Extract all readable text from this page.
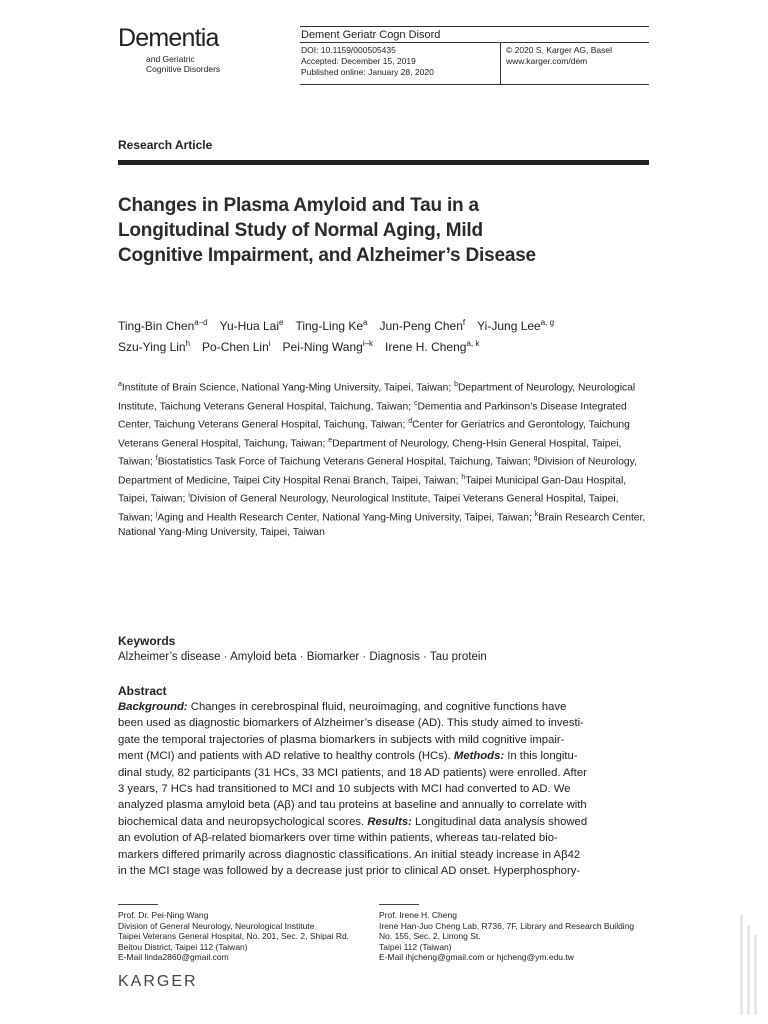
Dementia
and Geriatric
Cognitive Disorders
Dement Geriatr Cogn Disord
DOI: 10.1159/000505435
Accepted: December 15, 2019
Published online: January 28, 2020
© 2020 S. Karger AG, Basel
www.karger.com/dem
Research Article
Changes in Plasma Amyloid and Tau in a Longitudinal Study of Normal Aging, Mild Cognitive Impairment, and Alzheimer’s Disease
Ting-Bin Chen$^{a-d}$ Yu-Hua Lai$^e$ Ting-Ling Ke$^a$ Jun-Peng Chen$^f$ Yi-Jung Lee$^{a, g}$Szu-Ying Lin$^h$ Po-Chen Lin$^i$ Pei-Ning Wang$^{i-k}$ Irene H. Cheng$^{a, k}$
$^a$Institute of Brain Science, National Yang-Ming University, Taipei, Taiwan; $^b$Department of Neurology, Neurological Institute, Taichung Veterans General Hospital, Taichung, Taiwan; $^c$Dementia and Parkinson’s Disease Integrated Center, Taichung Veterans General Hospital, Taichung, Taiwan; $^d$Center for Geriatrics and Gerontology, Taichung Veterans General Hospital, Taichung, Taiwan; $^e$Department of Neurology, Cheng-Hsin General Hospital, Taipei, Taiwan; $^f$Biostatistics Task Force of Taichung Veterans General Hospital, Taichung, Taiwan; $^g$Division of Neurology, Department of Medicine, Taipei City Hospital Renai Branch, Taipei, Taiwan; $^h$Taipei Municipal Gan-Dau Hospital, Taipei, Taiwan; $^i$Division of General Neurology, Neurological Institute, Taipei Veterans General Hospital, Taipei, Taiwan; $^j$Aging and Health Research Center, National Yang-Ming University, Taipei, Taiwan; $^k$Brain Research Center, National Yang-Ming University, Taipei, Taiwan
Keywords
Alzheimer’s disease · Amyloid beta · Biomarker · Diagnosis · Tau protein
Abstract
Background: Changes in cerebrospinal fluid, neuroimaging, and cognitive functions have
been used as diagnostic biomarkers of Alzheimer’s disease (AD). This study aimed to investi-
gate the temporal trajectories of plasma biomarkers in subjects with mild cognitive impair-
ment (MCI) and patients with AD relative to healthy controls (HCs). Methods: In this longitu-
dinal study, 82 participants (31 HCs, 33 MCI patients, and 18 AD patients) were enrolled. After
3 years, 7 HCs had transitioned to MCI and 10 subjects with MCI had converted to AD. We
analyzed plasma amyloid beta (Aβ) and tau proteins at baseline and annually to correlate with
biochemical data and neuropsychological scores. Results: Longitudinal data analysis showed
an evolution of Aβ-related biomarkers over time within patients, whereas tau-related bio-
markers differed primarily across diagnostic classifications. An initial steady increase in Aβ42
in the MCI stage was followed by a decrease just prior to clinical AD onset. Hyperphosphory-
Prof. Dr. Pei-Ning Wang
Division of General Neurology, Neurological Institute
Taipei Veterans General Hospital, No. 201, Sec. 2, Shipai Rd.
Beitou District, Taipei 112 (Taiwan)
E-Mail linda2860@gmail.com
Prof. Irene H. Cheng
Irene Han-Juo Cheng Lab, R736, 7F, Library and Research Building
No. 155, Sec. 2, Linong St.
Taipei 112 (Taiwan)
E-Mail ihjcheng@gmail.com or hjcheng@ym.edu.tw
KARGER
